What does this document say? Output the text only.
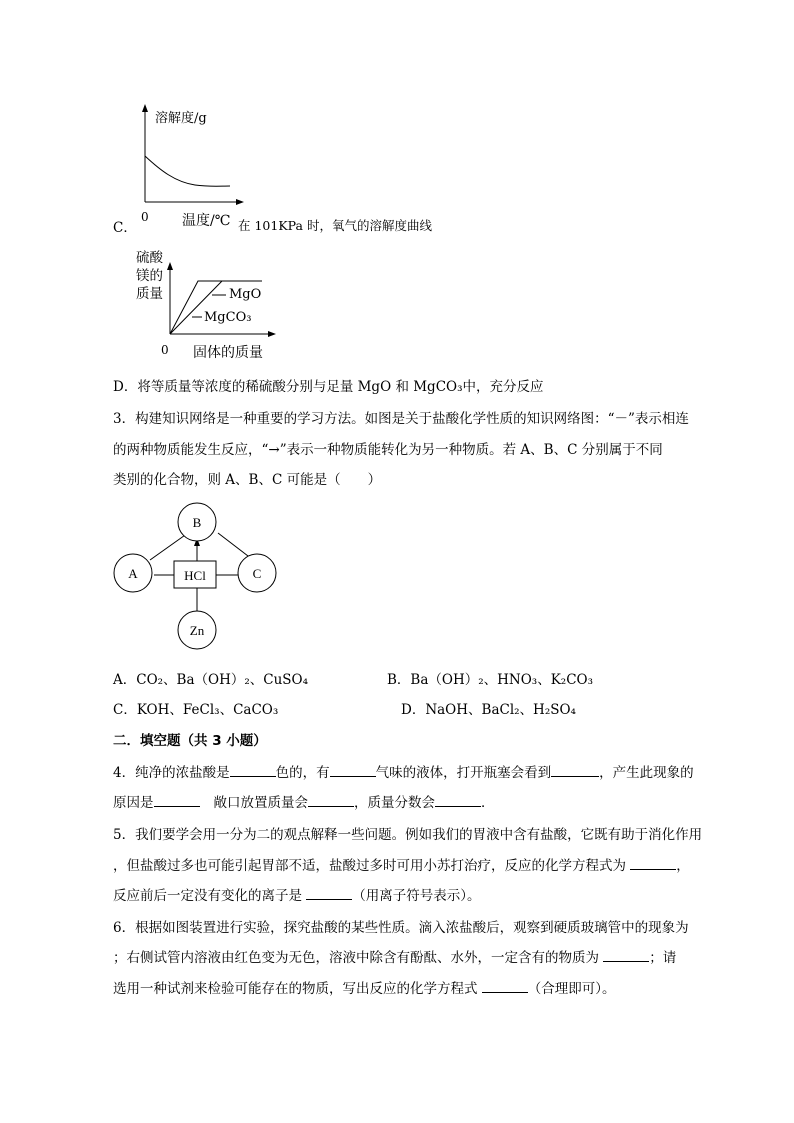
溶解度/g
0
C．	温度/℃ 在 101KPa 时，氧气的溶解度曲线
硫酸
镁的
质量	MgO
MgCO₃
0 固体的质量
D．将等质量等浓度的稀硫酸分别与足量 MgO 和 MgCO₃中，充分反应
3．构建知识网络是一种重要的学习方法。如图是关于盐酸化学性质的知识网络图：“－”表示相连
的两种物质能发生反应，“→”表示一种物质能转化为另一种物质。若 A、B、C 分别属于不同
类别的化合物，则 A、B、C 可能是（　　）
B
A	C
HCl
Zn
A．CO₂、Ba（OH）₂、CuSO₄	B．Ba（OH）₂、HNO₃、K₂CO₃
C．KOH、FeCl₃、CaCO₃	D．NaOH、BaCl₂、H₂SO₄
二．填空题（共 3 小题）
4．纯净的浓盐酸是	色的，有	气味的液体，打开瓶塞会看到	，产生此现象的
原因是	敞口放置质量会	，质量分数会	．
5．我们要学会用一分为二的观点解释一些问题。例如我们的胃液中含有盐酸，它既有助于消化作用
，但盐酸过多也可能引起胃部不适，盐酸过多时可用小苏打治疗，反应的化学方程式为	，
反应前后一定没有变化的离子是	（用离子符号表示）。
6．根据如图装置进行实验，探究盐酸的某些性质。滴入浓盐酸后，观察到硬质玻璃管中的现象为
；右侧试管内溶液由红色变为无色，溶液中除含有酚酞、水外，一定含有的物质为	；请
选用一种试剂来检验可能存在的物质，写出反应的化学方程式	（合理即可）。
